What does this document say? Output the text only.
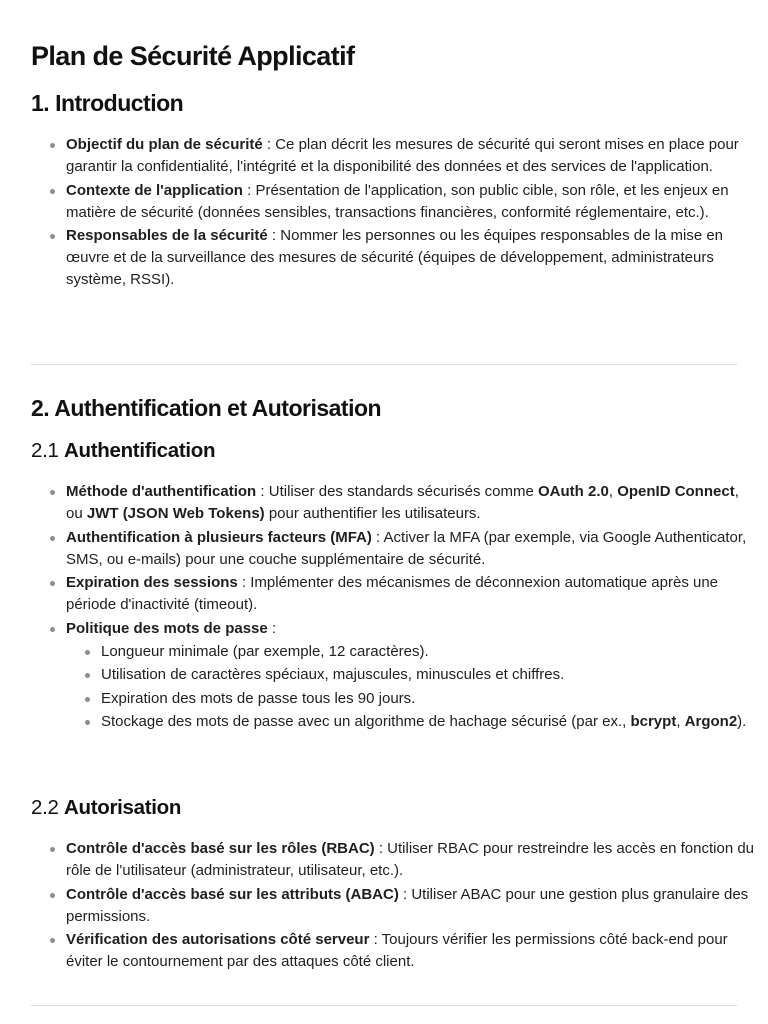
Plan de Sécurité Applicatif
1. Introduction
Objectif du plan de sécurité : Ce plan décrit les mesures de sécurité qui seront mises en place pour garantir la confidentialité, l'intégrité et la disponibilité des données et des services de l'application.
Contexte de l'application : Présentation de l'application, son public cible, son rôle, et les enjeux en matière de sécurité (données sensibles, transactions financières, conformité réglementaire, etc.).
Responsables de la sécurité : Nommer les personnes ou les équipes responsables de la mise en œuvre et de la surveillance des mesures de sécurité (équipes de développement, administrateurs système, RSSI).
2. Authentification et Autorisation
2.1 Authentification
Méthode d'authentification : Utiliser des standards sécurisés comme OAuth 2.0, OpenID Connect, ou JWT (JSON Web Tokens) pour authentifier les utilisateurs.
Authentification à plusieurs facteurs (MFA) : Activer la MFA (par exemple, via Google Authenticator, SMS, ou e-mails) pour une couche supplémentaire de sécurité.
Expiration des sessions : Implémenter des mécanismes de déconnexion automatique après une période d'inactivité (timeout).
Politique des mots de passe :
Longueur minimale (par exemple, 12 caractères).
Utilisation de caractères spéciaux, majuscules, minuscules et chiffres.
Expiration des mots de passe tous les 90 jours.
Stockage des mots de passe avec un algorithme de hachage sécurisé (par ex., bcrypt, Argon2).
2.2 Autorisation
Contrôle d'accès basé sur les rôles (RBAC) : Utiliser RBAC pour restreindre les accès en fonction du rôle de l'utilisateur (administrateur, utilisateur, etc.).
Contrôle d'accès basé sur les attributs (ABAC) : Utiliser ABAC pour une gestion plus granulaire des permissions.
Vérification des autorisations côté serveur : Toujours vérifier les permissions côté back-end pour éviter le contournement par des attaques côté client.
